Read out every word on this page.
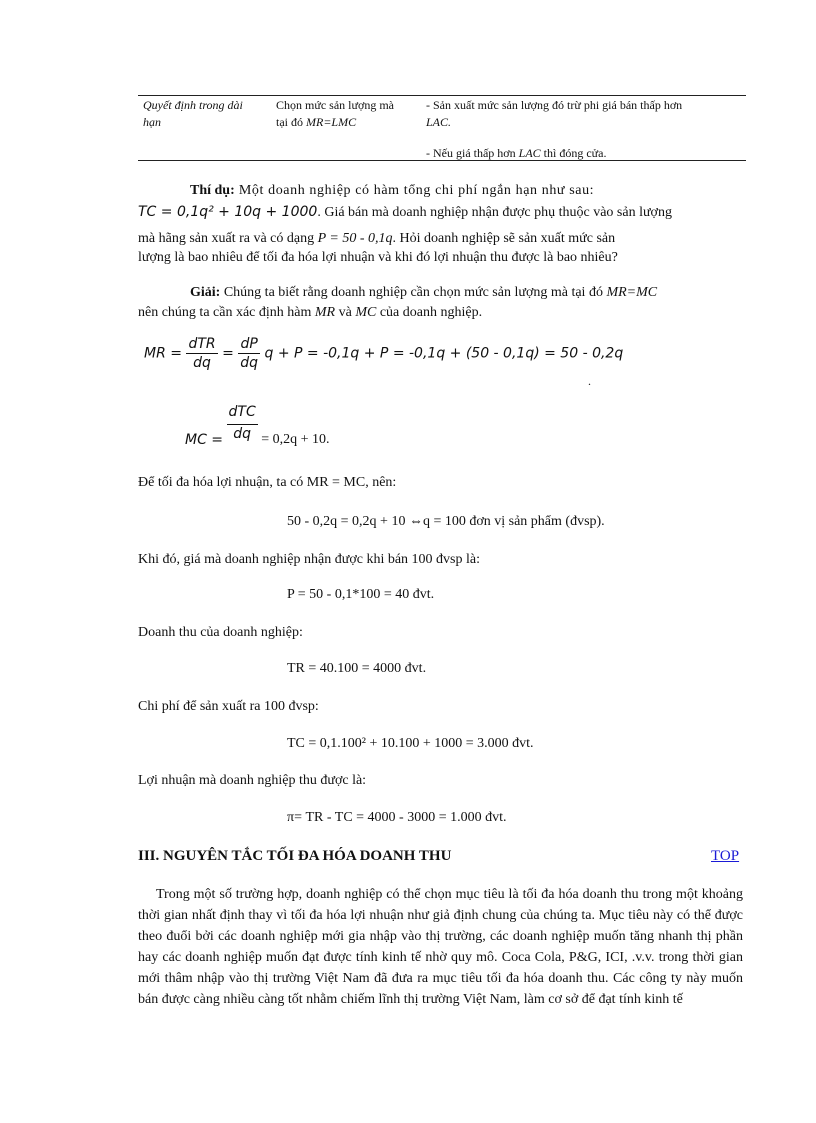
Quyết định trong dài
hạn
Chọn mức sản lượng mà
tại đó MR=LMC
- Sản xuất mức sản lượng đó trừ phi giá bán thấp hơn
LAC.
- Nếu giá thấp hơn LAC thì đóng cửa.
Thí dụ: Một doanh nghiệp có hàm tổng chi phí ngắn hạn như sau:
TC = 0,1q² + 10q + 1000. Giá bán mà doanh nghiệp nhận được phụ thuộc vào sản lượng
mà hãng sản xuất ra và có dạng P = 50 - 0,1q. Hỏi doanh nghiệp sẽ sản xuất mức sản
lượng là bao nhiêu để tối đa hóa lợi nhuận và khi đó lợi nhuận thu được là bao nhiêu?
Giải: Chúng ta biết rằng doanh nghiệp cần chọn mức sản lượng mà tại đó MR=MC
nên chúng ta cần xác định hàm MR và MC của doanh nghiệp.
MR = $\frac{\text{dTR}}{dq} = \frac{dP}{dq}$ q + P = -0,1q + P = -0,1q + (50 - 0,1q) = 50 - 0,2q
.
MC = $\frac{\text{dTC}}{dq} = 0,2q + 10$.
Để tối đa hóa lợi nhuận, ta có MR = MC, nên:
50 - 0,2q = 0,2q + 10 ⇔q = 100 đơn vị sản phẩm (đvsp).
Khi đó, giá mà doanh nghiệp nhận được khi bán 100 đvsp là:
P = 50 - 0,1*100 = 40 đvt.
Doanh thu của doanh nghiệp:
TR = 40.100 = 4000 đvt.
Chi phí để sản xuất ra 100 đvsp:
TC = 0,1.100² + 10.100 + 1000 = 3.000 đvt.
Lợi nhuận mà doanh nghiệp thu được là:
π= TR - TC = 4000 - 3000 = 1.000 đvt.
III. NGUYÊN TẮC TỐI ĐA HÓA DOANH THU	TOP
Trong một số trường hợp, doanh nghiệp có thể chọn mục tiêu là tối đa hóa doanh thu trong một khoảng thời gian nhất định thay vì tối đa hóa lợi nhuận như giả định chung của chúng ta. Mục tiêu này có thể được theo đuổi bởi các doanh nghiệp mới gia nhập vào thị trường, các doanh nghiệp muốn tăng nhanh thị phần hay các doanh nghiệp muốn đạt được tính kinh tế nhờ quy mô. Coca Cola, P&G, ICI, .v.v. trong thời gian mới thâm nhập vào thị trường Việt Nam đã đưa ra mục tiêu tối đa hóa doanh thu. Các công ty này muốn bán được càng nhiều càng tốt nhằm chiếm lĩnh thị trường Việt Nam, làm cơ sở để đạt tính kinh tế
